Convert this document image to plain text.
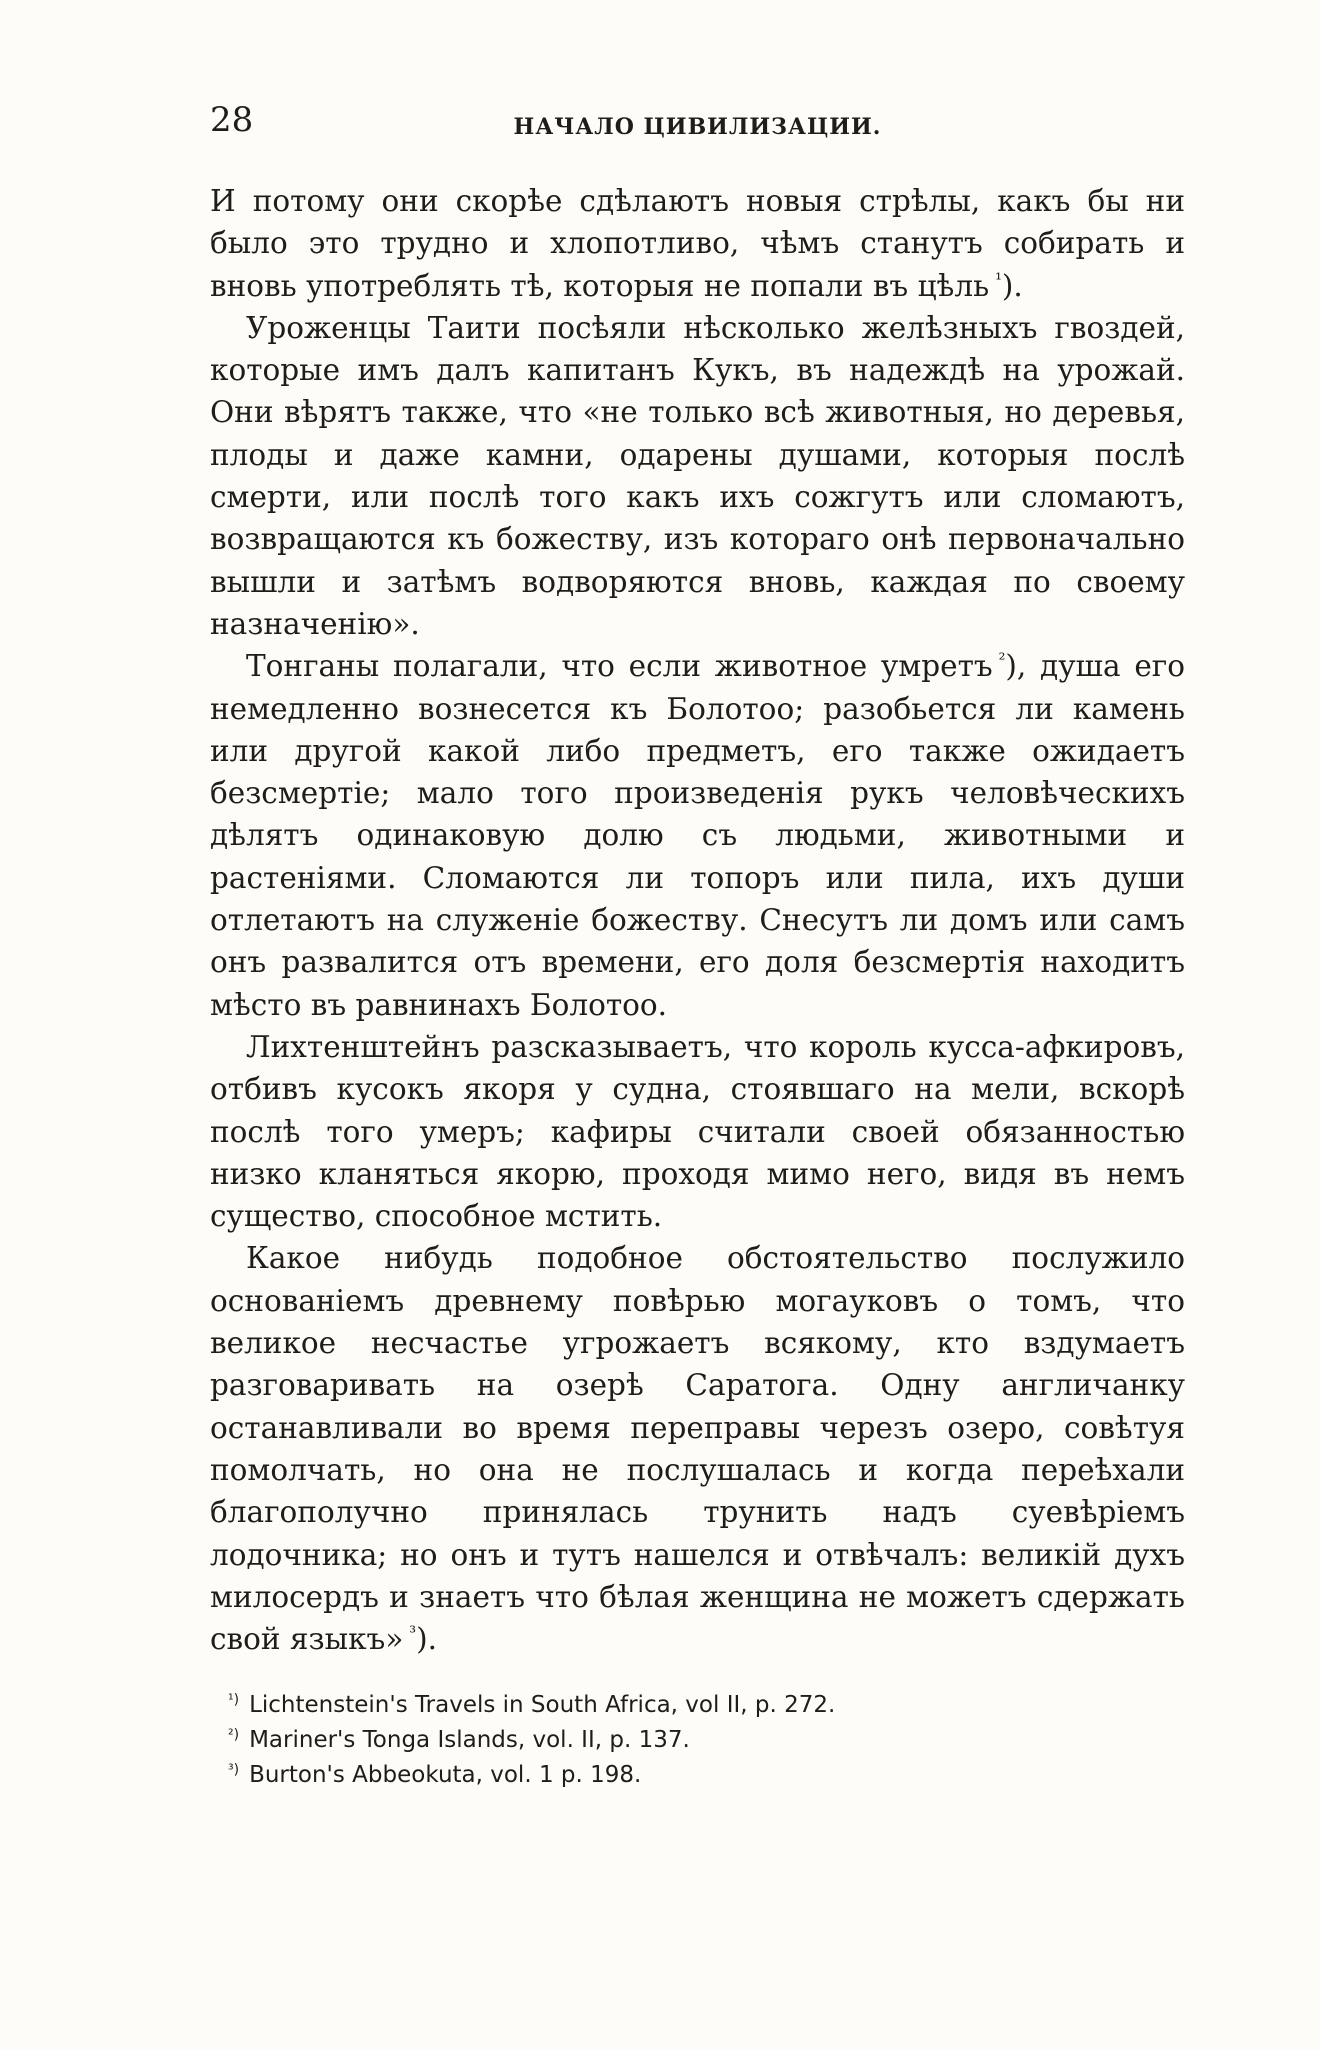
28	НАЧАЛО ЦИВИЛИЗАЦИИ.

И потому они скорѣе сдѣлаютъ новыя стрѣлы, какъ бы ни было это трудно и хлопотливо, чѣмъ станутъ собирать и вновь употреблять тѣ, которыя не попали въ цѣль  $^{^1}$).

Уроженцы Таити посѣяли нѣсколько желѣзныхъ гвоздей, которые имъ далъ капитанъ Кукъ, въ надеждѣ на урожай. Они вѣрятъ также, что «не только всѣ животныя, но деревья, плоды и даже камни, одарены душами, которыя послѣ смерти, или послѣ того какъ ихъ сожгутъ или сломаютъ, возвращаются къ божеству, изъ котораго онѣ первоначально вышли и затѣмъ водворяются вновь, каждая по своему назначенію».

Тонганы полагали, что если животное умретъ  $^{^2}$), душа его немедленно вознесется къ Болотоо; разобьется ли камень или другой какой либо предметъ, его также ожидаетъ безсмертіе; мало того произведенія рукъ человѣческихъ дѣлятъ одинаковую долю съ людьми, животными и растеніями. Сломаются ли топоръ или пила, ихъ души отлетаютъ на служеніе божеству. Снесутъ ли домъ или самъ онъ развалится отъ времени, его доля безсмертія находитъ мѣсто въ равнинахъ Болотоо.

Лихтенштейнъ разсказываетъ, что король кусса-афкировъ, отбивъ кусокъ якоря у судна, стоявшаго на мели, вскорѣ послѣ того умеръ; кафиры считали своей обязанностью низко кланяться якорю, проходя мимо него, видя въ немъ существо, способное мстить.

Какое нибудь подобное обстоятельство послужило основаніемъ древнему повѣрью могауковъ о томъ, что великое несчастье угрожаетъ всякому, кто вздумаетъ разговаривать на озерѣ Саратога. Одну англичанку останавливали во время переправы черезъ озеро, совѣтуя помолчать, но она не послушалась и когда переѣхали благополучно принялась трунить надъ суевѣріемъ лодочника; но онъ и тутъ нашелся и отвѣчалъ: великій духъ милосердъ и знаетъ что бѣлая женщина не можетъ сдержать свой языкъ»  $^{^3}$).

$^{^1)}$ Lichtenstein's Travels in South Africa, vol II, p. 272.
$^{^2)}$ Mariner's Tonga Islands, vol. II, p. 137.
$^{^3)}$ Burton's Abbeokuta, vol. 1 p. 198.
